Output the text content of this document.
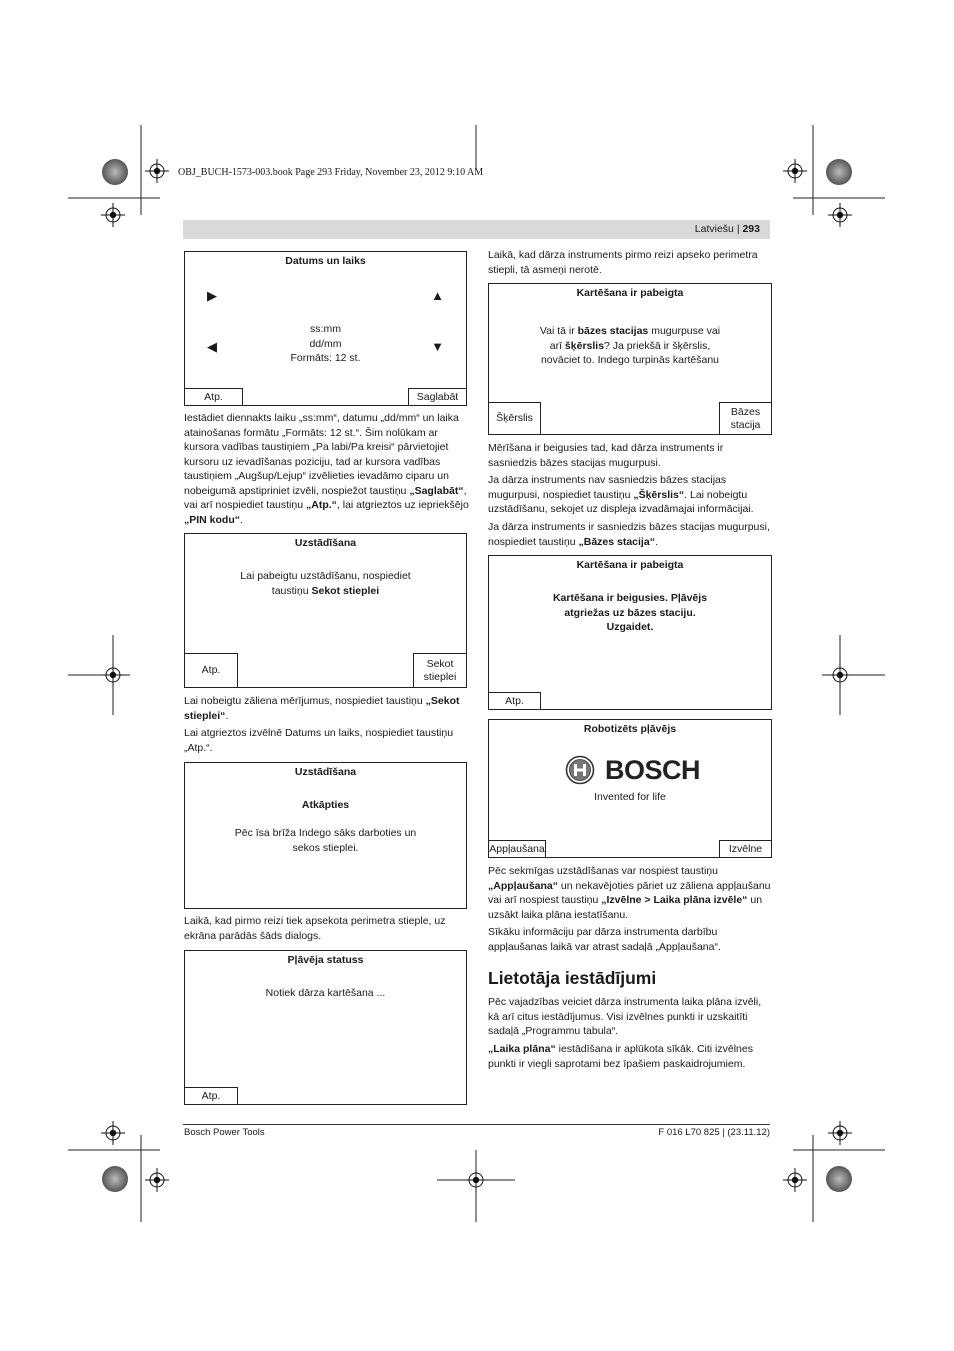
OBJ_BUCH-1573-003.book Page 293 Friday, November 23, 2012 9:10 AM
Latviešu | 293
Datums un laiks
▶	▲
◀	▼
ss:mm
dd/mm
Formāts: 12 st.
Atp.	Saglabāt
Iestādiet diennakts laiku „ss:mm“, datumu „dd/mm“ un laika atainošanas formātu „Formāts: 12 st.“. Šim nolūkam ar kursora vadības taustiņiem „Pa labi/Pa kreisi“ pārvietojiet kursoru uz ievadīšanas poziciju, tad ar kursora vadības taustiņiem „Augšup/Lejup“ izvēlieties ievadāmo ciparu un nobeigumā apstipriniet izvēli, nospiežot taustiņu „Saglabāt“, vai arī nospiediet taustiņu „Atp.“, lai atgrieztos uz iepriekšējo „PIN kodu“.
Uzstādīšana
Lai pabeigtu uzstādīšanu, nospiediet
taustiņu Sekot stieplei
Atp.
Sekot
stieplei
Lai nobeigtu zāliena mērījumus, nospiediet taustiņu „Sekot stieplei“.
Lai atgrieztos izvēlnē Datums un laiks, nospiediet taustiņu „Atp.“.
Uzstādīšana
Atkāpties
Pēc īsa brīža Indego sāks darboties un
sekos stieplei.
Laikā, kad pirmo reizi tiek apsekota perimetra stieple, uz ekrāna parādās šāds dialogs.
Pļāvēja statuss
Notiek dārza kartēšana ...
Atp.
Laikā, kad dārza instruments pirmo reizi apseko perimetra stiepli, tā asmeņi nerotē.
Kartēšana ir pabeigta
Vai tā ir bāzes stacijas mugurpuse vai
arī šķērslis? Ja priekšā ir šķērslis,
novāciet to. Indego turpinās kartēšanu
Šķērslis
Bāzes
stacija
Mērīšana ir beigusies tad, kad dārza instruments ir sasniedzis bāzes stacijas mugurpusi.
Ja dārza instruments nav sasniedzis bāzes stacijas mugurpusi, nospiediet taustiņu „Šķērslis“. Lai nobeigtu uzstādīšanu, sekojet uz displeja izvadāmajai informācijai.
Ja dārza instruments ir sasniedzis bāzes stacijas mugurpusi, nospiediet taustiņu „Bāzes stacija“.
Kartēšana ir pabeigta
Kartēšana ir beigusies. Pļāvējs
atgriežas uz bāzes staciju.
Uzgaidet.
Atp.
Robotizēts pļāvējs
BOSCH
Invented for life
Appļaušana	Izvēlne
Pēc sekmīgas uzstādīšanas var nospiest taustiņu „Appļaušana“ un nekavējoties pāriet uz zāliena appļaušanu vai arī nospiest taustiņu „Izvēlne > Laika plāna izvēle“ un uzsākt laika plāna iestatīšanu.
Sīkāku informāciju par dārza instrumenta darbību appļaušanas laikā var atrast sadaļā „Appļaušana“.
Lietotāja iestādījumi
Pēc vajadzības veiciet dārza instrumenta laika plāna izvēli, kā arī citus iestādījumus. Visi izvēlnes punkti ir uzskaitīti sadaļā „Programmu tabula“.
„Laika plāna“ iestādīšana ir aplūkota sīkāk. Citi izvēlnes punkti ir viegli saprotami bez īpašiem paskaidrojumiem.
Bosch Power Tools	F 016 L70 825 | (23.11.12)
